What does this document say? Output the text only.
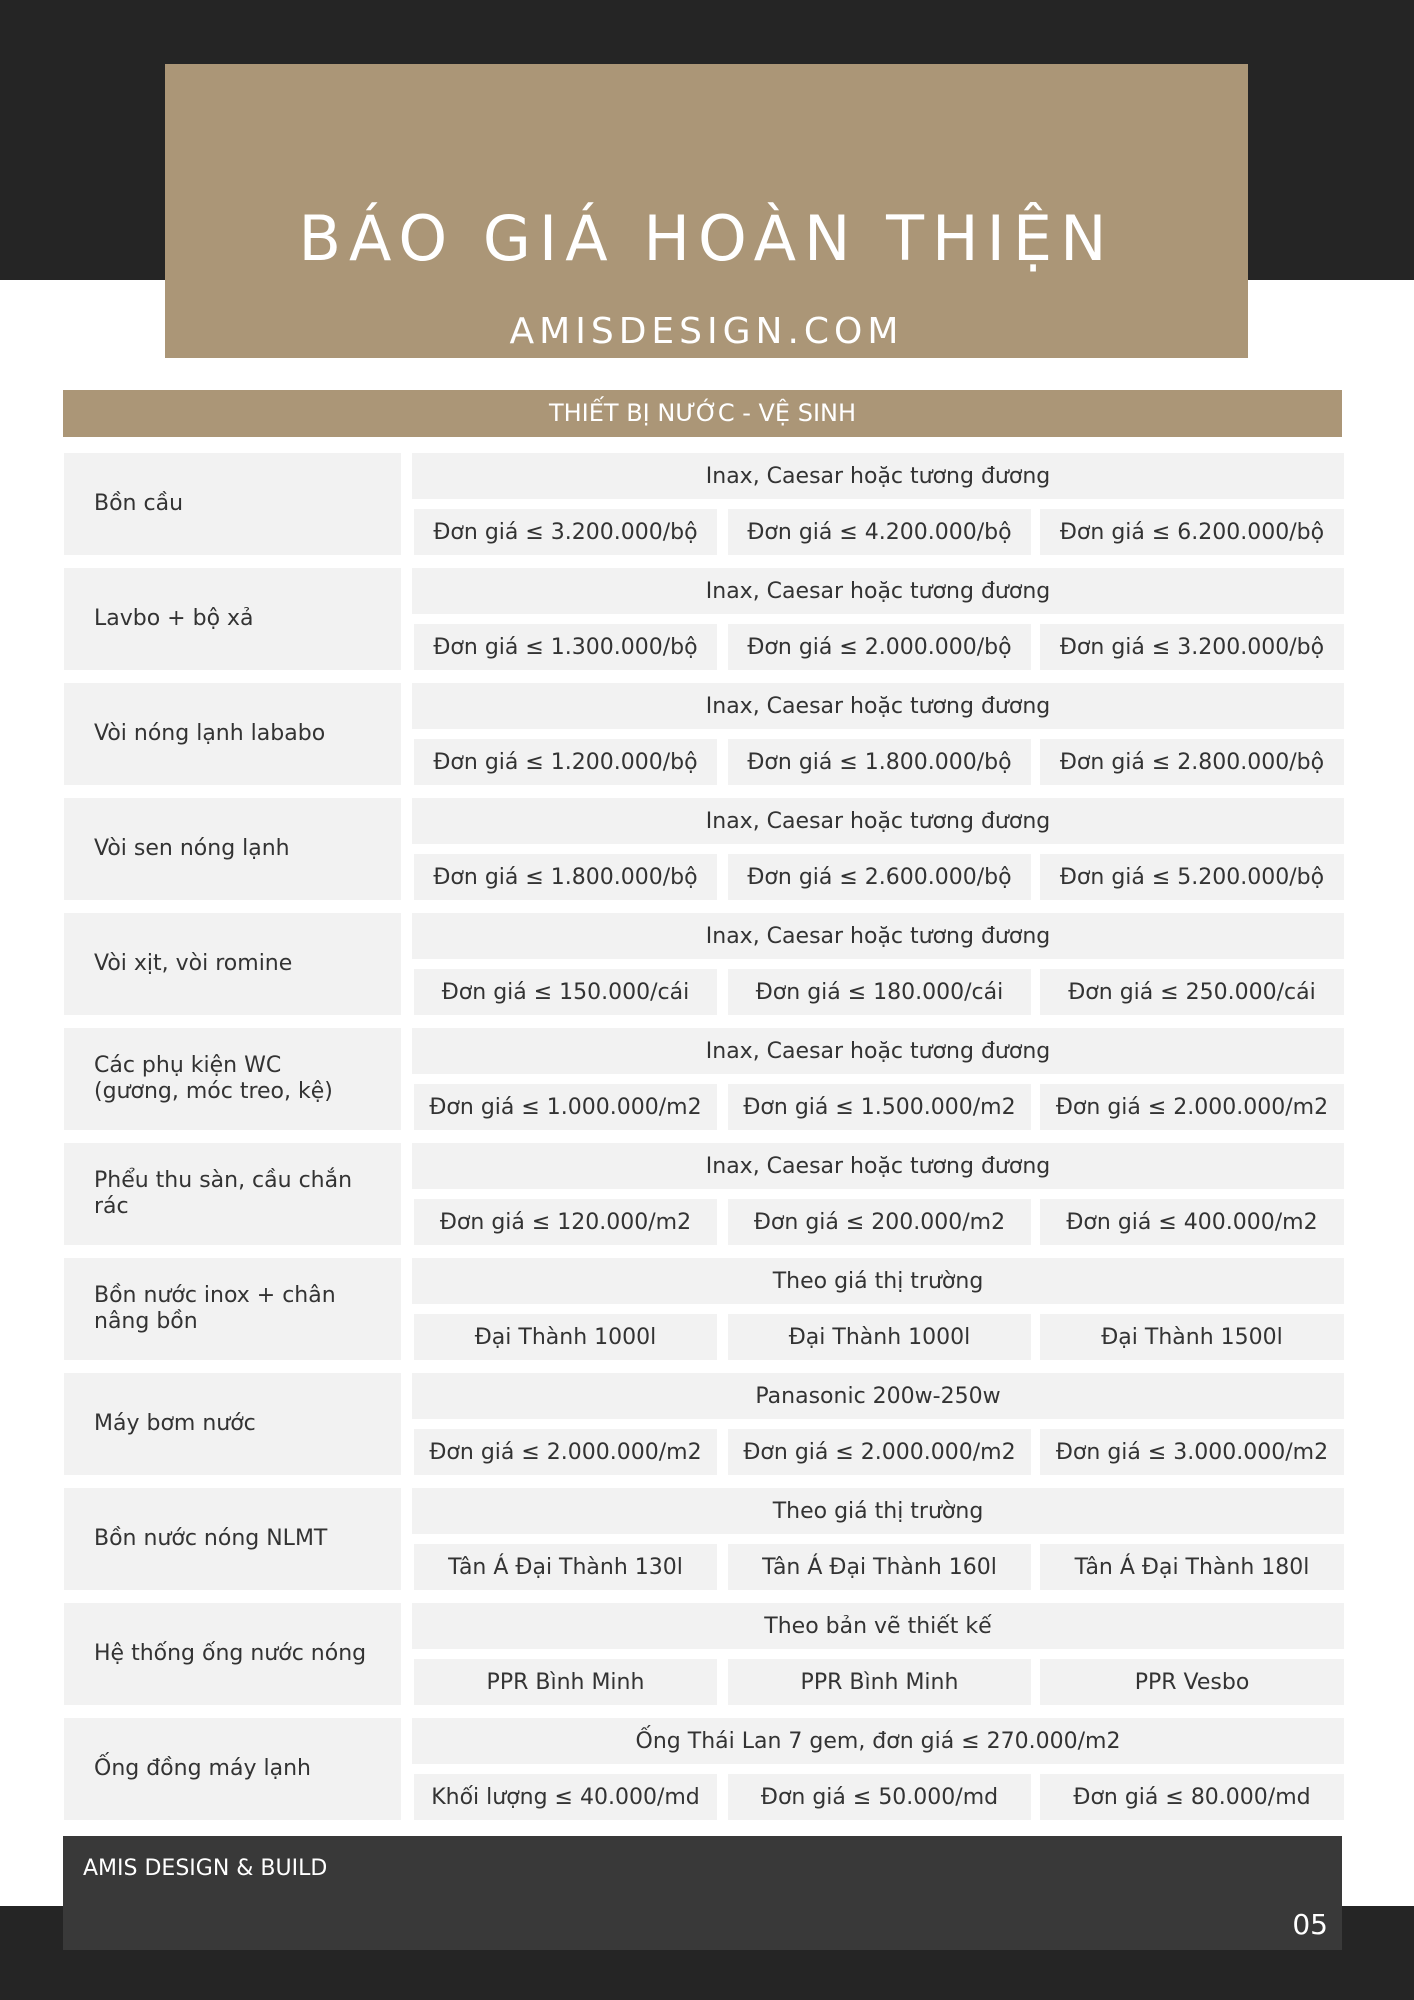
BÁO GIÁ HOÀN THIỆN
AMISDESIGN.COM
THIẾT BỊ NƯỚC - VỆ SINH
Bồn cầu
Inax, Caesar hoặc tương đương
Đơn giá ≤ 3.200.000/bộ	Đơn giá ≤ 4.200.000/bộ	Đơn giá ≤ 6.200.000/bộ
Lavbo + bộ xả
Inax, Caesar hoặc tương đương
Đơn giá ≤ 1.300.000/bộ	Đơn giá ≤ 2.000.000/bộ	Đơn giá ≤ 3.200.000/bộ
Vòi nóng lạnh lababo
Inax, Caesar hoặc tương đương
Đơn giá ≤ 1.200.000/bộ	Đơn giá ≤ 1.800.000/bộ	Đơn giá ≤ 2.800.000/bộ
Vòi sen nóng lạnh
Inax, Caesar hoặc tương đương
Đơn giá ≤ 1.800.000/bộ	Đơn giá ≤ 2.600.000/bộ	Đơn giá ≤ 5.200.000/bộ
Vòi xịt, vòi romine
Inax, Caesar hoặc tương đương
Đơn giá ≤ 150.000/cái	Đơn giá ≤ 180.000/cái	Đơn giá ≤ 250.000/cái
Các phụ kiện WC (gương, móc treo, kệ)
Inax, Caesar hoặc tương đương
Đơn giá ≤ 1.000.000/m2	Đơn giá ≤ 1.500.000/m2	Đơn giá ≤ 2.000.000/m2
Phểu thu sàn, cầu chắn rác
Inax, Caesar hoặc tương đương
Đơn giá ≤ 120.000/m2	Đơn giá ≤ 200.000/m2	Đơn giá ≤ 400.000/m2
Bồn nước inox + chân nâng bồn
Theo giá thị trường
Đại Thành 1000l	Đại Thành 1000l	Đại Thành 1500l
Máy bơm nước
Panasonic 200w-250w
Đơn giá ≤ 2.000.000/m2	Đơn giá ≤ 2.000.000/m2	Đơn giá ≤ 3.000.000/m2
Bồn nước nóng NLMT
Theo giá thị trường
Tân Á Đại Thành 130l	Tân Á Đại Thành 160l	Tân Á Đại Thành 180l
Hệ thống ống nước nóng
Theo bản vẽ thiết kế
PPR Bình Minh	PPR Bình Minh	PPR Vesbo
Ống đồng máy lạnh
Ống Thái Lan 7 gem, đơn giá ≤ 270.000/m2
Khối lượng ≤ 40.000/md	Đơn giá ≤ 50.000/md	Đơn giá ≤ 80.000/md
AMIS DESIGN & BUILD
05
